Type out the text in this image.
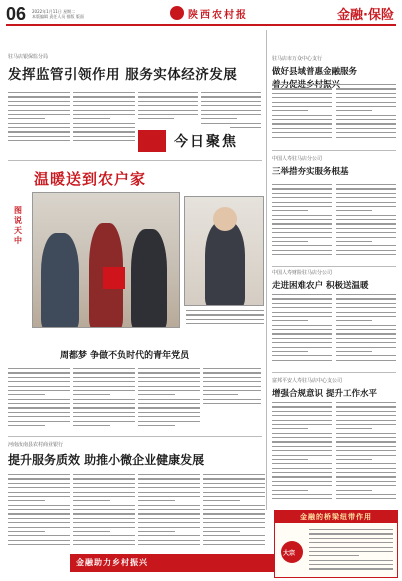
06 2022年1月11日 星期二
本版编辑 责任人员 排版 版面	陕西农村报	金融·保险
驻马店银保监分局
发挥监管引领作用 服务实体经济发展
今日聚焦
驻马店市万众中心支行
做好县域普惠金融服务
中国人寿驻马店分公司
三举措夯实服务根基
中国人寿财险驻马店分公司
走进困难农户 积极送温暖
富邦平安人寿驻马店中心支公司
增强合规意识 提升工作水平
温暖送到农户家
图说天中
周都梦 争做不负时代的青年党员
河南汝南县农村商业银行
提升服务质效 助推小微企业健康发展
金融助力乡村振兴
金融的桥梁纽带作用
大宗
